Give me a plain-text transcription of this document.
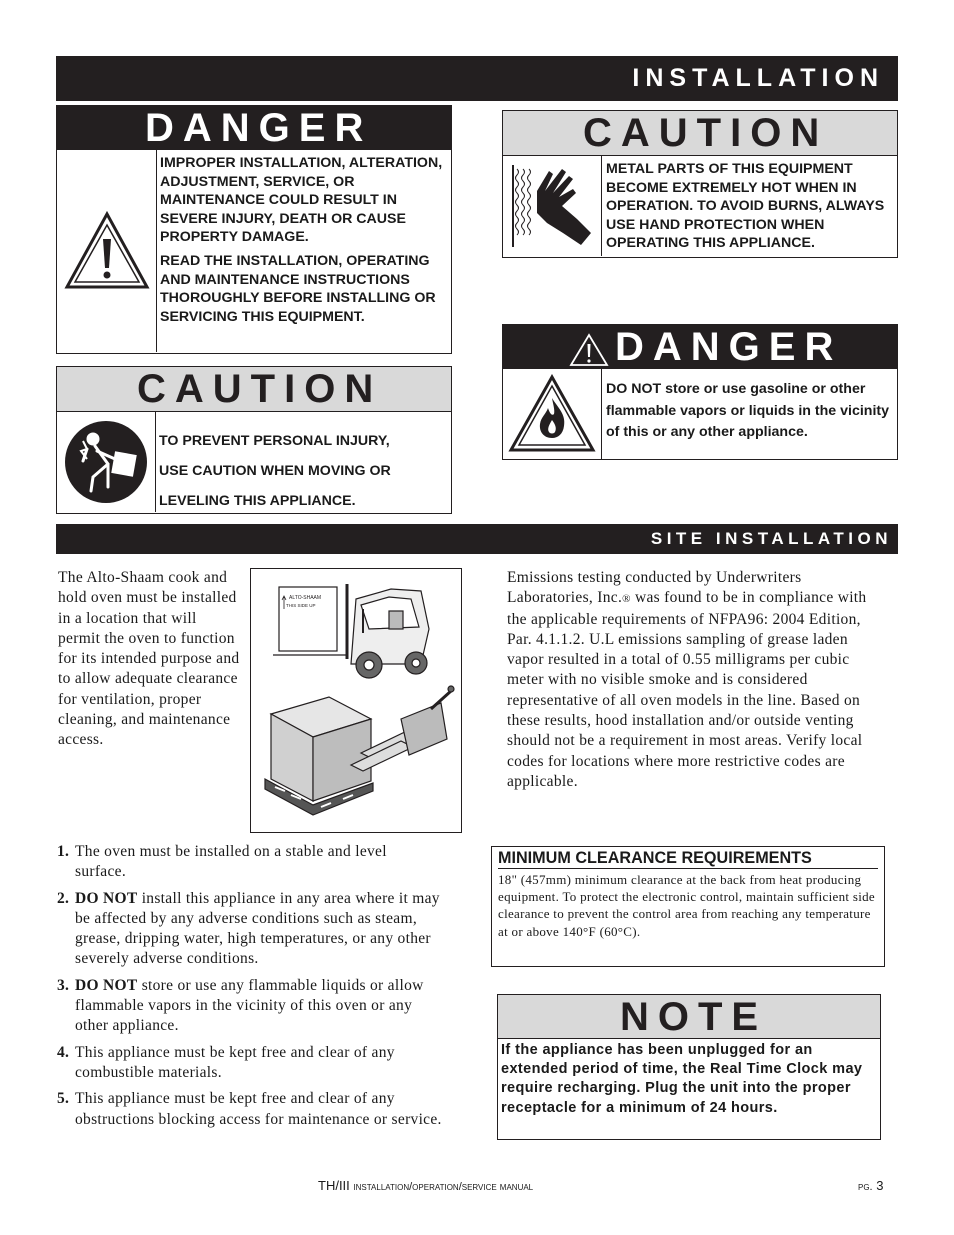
INSTALLATION
DANGER
IMPROPER INSTALLATION, ALTERATION, ADJUSTMENT, SERVICE, OR MAINTENANCE COULD RESULT IN SEVERE INJURY, DEATH OR CAUSE PROPERTY DAMAGE.
READ THE INSTALLATION, OPERATING AND MAINTENANCE INSTRUCTIONS THOROUGHLY BEFORE INSTALLING OR SERVICING THIS EQUIPMENT.
CAUTION
METAL PARTS OF THIS EQUIPMENT BECOME EXTREMELY HOT WHEN IN OPERATION. TO AVOID BURNS, ALWAYS USE HAND PROTECTION WHEN OPERATING THIS APPLIANCE.
CAUTION
TO PREVENT PERSONAL INJURY,
USE CAUTION WHEN MOVING OR
LEVELING THIS APPLIANCE.
DANGER
DO NOT store or use gasoline or other flammable vapors or liquids in the vicinity of this or any other appliance.
SITE INSTALLATION
The Alto-Shaam cook and hold oven must be installed in a location that will permit the oven to function for its intended purpose and to allow adequate clearance for ventilation, proper cleaning, and maintenance access.
ALTO-SHAAM
THIS SIDE UP
Emissions testing conducted by Underwriters Laboratories, Inc.® was found to be in compliance with the applicable requirements of NFPA96: 2004 Edition, Par. 4.1.1.2. U.L emissions sampling of grease laden vapor resulted in a total of 0.55 milligrams per cubic meter with no visible smoke and is considered representative of all oven models in the line. Based on these results, hood installation and/or outside venting should not be a requirement in most areas. Verify local codes for locations where more restrictive codes are applicable.
1. The oven must be installed on a stable and level surface.
2. DO NOT install this appliance in any area where it may be affected by any adverse conditions such as steam, grease, dripping water, high temperatures, or any other severely adverse conditions.
3. DO NOT store or use any flammable liquids or allow flammable vapors in the vicinity of this oven or any other appliance.
4. This appliance must be kept free and clear of any combustible materials.
5. This appliance must be kept free and clear of any obstructions blocking access for maintenance or service.
MINIMUM CLEARANCE REQUIREMENTS
18" (457mm) minimum clearance at the back from heat producing equipment. To protect the electronic control, maintain sufficient side clearance to prevent the control area from reaching any temperature at or above 140°F (60°C).
NOTE
If the appliance has been unplugged for an extended period of time, the Real Time Clock may require recharging. Plug the unit into the proper receptacle for a minimum of 24 hours.
TH/III installation/operation/service manual	pg. 3
